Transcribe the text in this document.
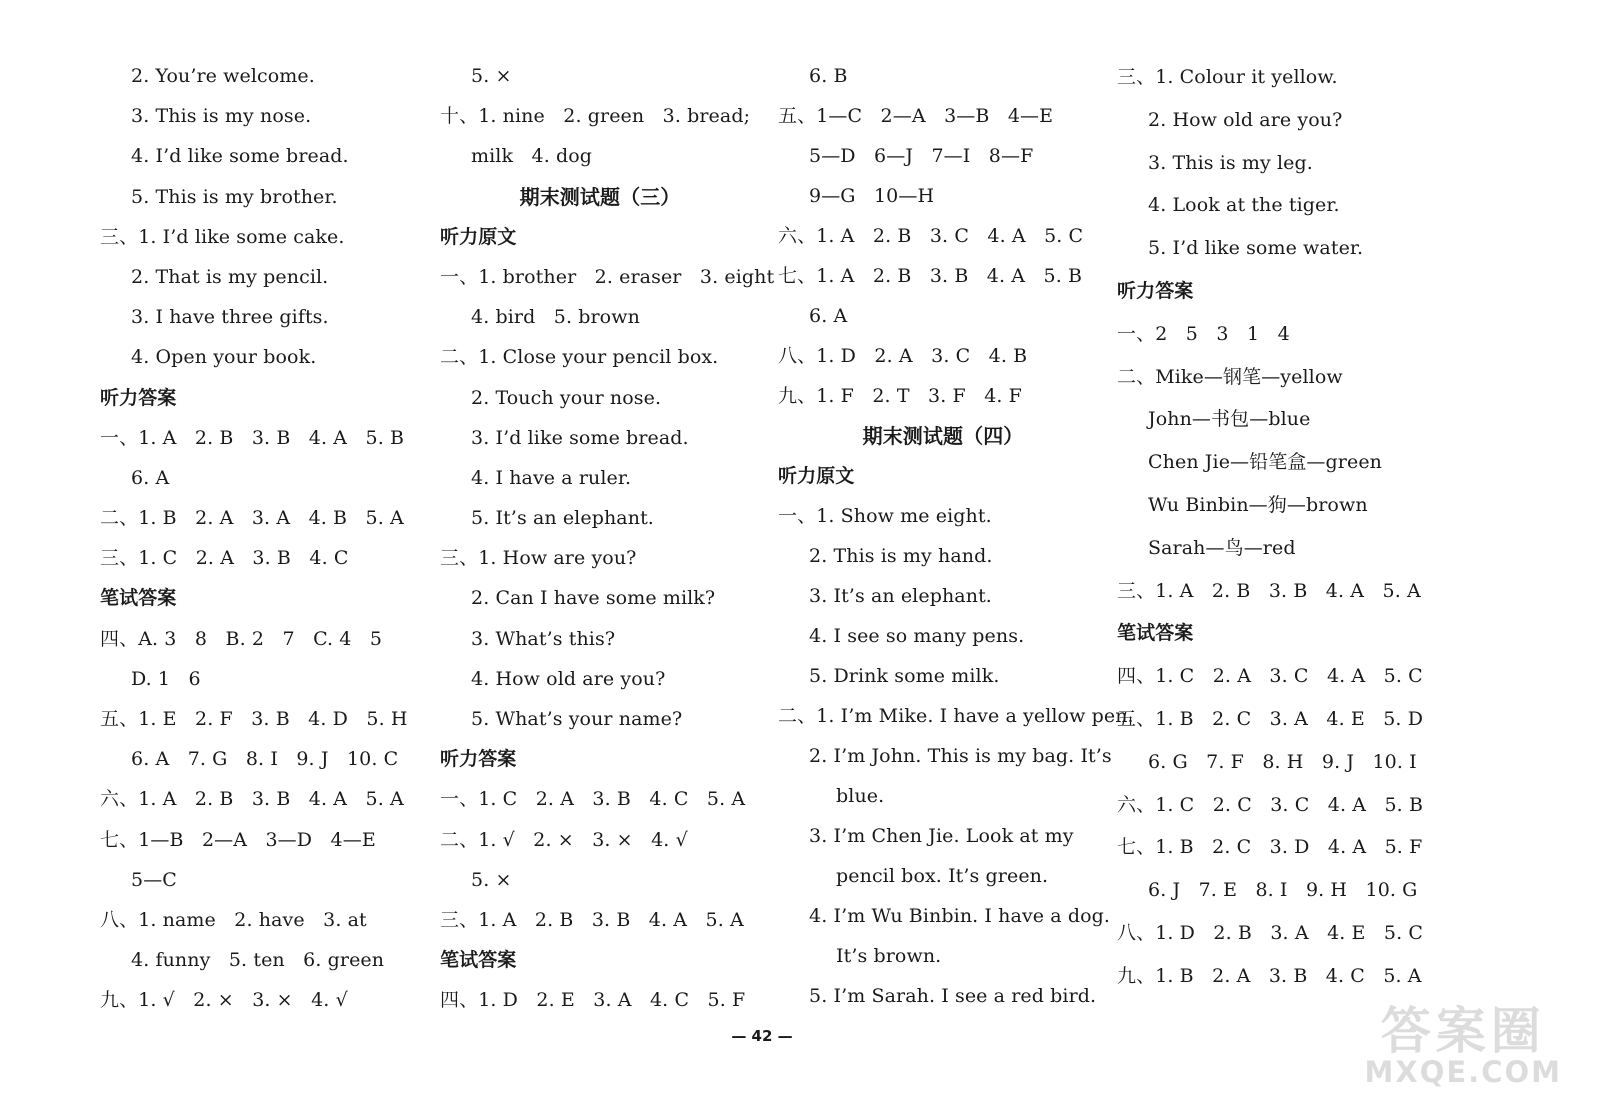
2. You’re welcome.
3. This is my nose.
4. I’d like some bread.
5. This is my brother.
三、1. I’d like some cake.
2. That is my pencil.
3. I have three gifts.
4. Open your book.
听力答案
一、1. A   2. B   3. B   4. A   5. B
6. A
二、1. B   2. A   3. A   4. B   5. A
三、1. C   2. A   3. B   4. C
笔试答案
四、A. 3   8   B. 2   7   C. 4   5
D. 1   6
五、1. E   2. F   3. B   4. D   5. H
6. A   7. G   8. I   9. J   10. C
六、1. A   2. B   3. B   4. A   5. A
七、1—B   2—A   3—D   4—E
5—C
八、1. name   2. have   3. at
4. funny   5. ten   6. green
九、1. √   2. ×   3. ×   4. √
5. ×
十、1. nine   2. green   3. bread;
milk   4. dog
期末测试题（三）
听力原文
一、1. brother   2. eraser   3. eight
4. bird   5. brown
二、1. Close your pencil box.
2. Touch your nose.
3. I’d like some bread.
4. I have a ruler.
5. It’s an elephant.
三、1. How are you?
2. Can I have some milk?
3. What’s this?
4. How old are you?
5. What’s your name?
听力答案
一、1. C   2. A   3. B   4. C   5. A
二、1. √   2. ×   3. ×   4. √
5. ×
三、1. A   2. B   3. B   4. A   5. A
笔试答案
四、1. D   2. E   3. A   4. C   5. F
6. B
五、1—C   2—A   3—B   4—E
5—D   6—J   7—I   8—F
9—G   10—H
六、1. A   2. B   3. C   4. A   5. C
七、1. A   2. B   3. B   4. A   5. B
6. A
八、1. D   2. A   3. C   4. B
九、1. F   2. T   3. F   4. F
期末测试题（四）
听力原文
一、1. Show me eight.
2. This is my hand.
3. It’s an elephant.
4. I see so many pens.
5. Drink some milk.
二、1. I’m Mike. I have a yellow pen.
2. I’m John. This is my bag. It’s
blue.
3. I’m Chen Jie. Look at my
pencil box. It’s green.
4. I’m Wu Binbin. I have a dog.
It’s brown.
5. I’m Sarah. I see a red bird.
三、1. Colour it yellow.
2. How old are you?
3. This is my leg.
4. Look at the tiger.
5. I’d like some water.
听力答案
一、2   5   3   1   4
二、Mike—钢笔—yellow
John—书包—blue
Chen Jie—铅笔盒—green
Wu Binbin—狗—brown
Sarah—鸟—red
三、1. A   2. B   3. B   4. A   5. A
笔试答案
四、1. C   2. A   3. C   4. A   5. C
五、1. B   2. C   3. A   4. E   5. D
6. G   7. F   8. H   9. J   10. I
六、1. C   2. C   3. C   4. A   5. B
七、1. B   2. C   3. D   4. A   5. F
6. J   7. E   8. I   9. H   10. G
八、1. D   2. B   3. A   4. E   5. C
九、1. B   2. A   3. B   4. C   5. A
— 42 —	答案圈
MXQE.COM
